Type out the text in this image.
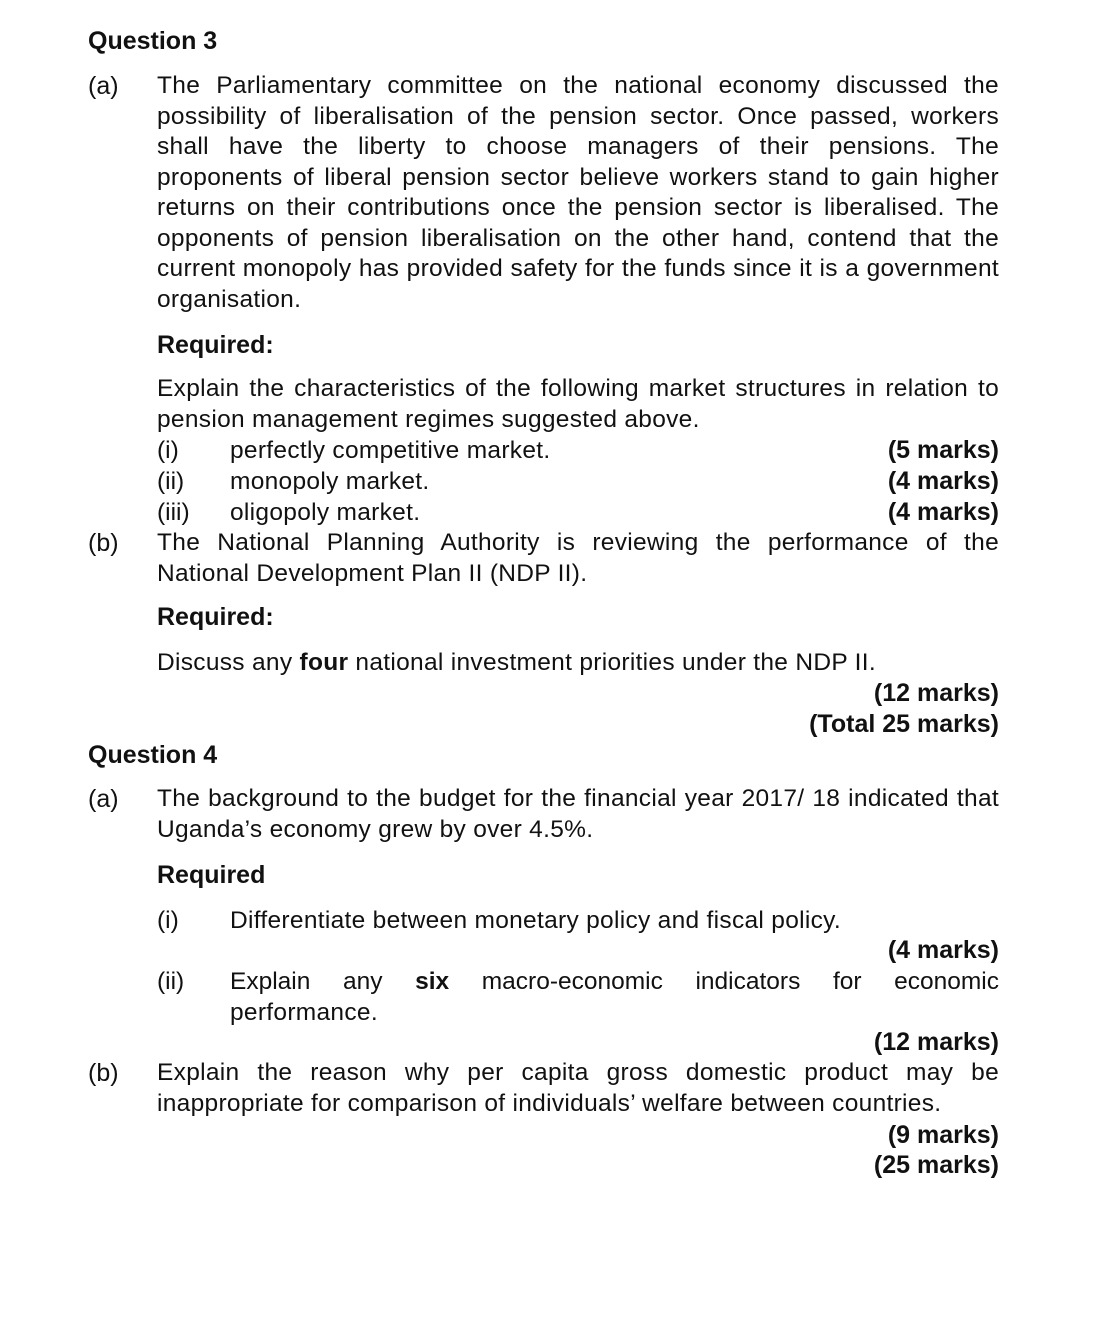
Question 3
(a) The Parliamentary committee on the national economy discussed the possibility of liberalisation of the pension sector. Once passed, workers shall have the liberty to choose managers of their pensions. The proponents of liberal pension sector believe workers stand to gain higher returns on their contributions once the pension sector is liberalised. The opponents of pension liberalisation on the other hand, contend that the current monopoly has provided safety for the funds since it is a government organisation.
Required:
Explain the characteristics of the following market structures in relation to pension management regimes suggested above.
(i) perfectly competitive market.	(5 marks)
(ii) monopoly market.	(4 marks)
(iii) oligopoly market.	(4 marks)
(b) The National Planning Authority is reviewing the performance of the National Development Plan II (NDP II).
Required:
Discuss any four national investment priorities under the NDP II.
(12 marks)
(Total 25 marks)
Question 4
(a) The background to the budget for the financial year 2017/ 18 indicated that Uganda’s economy grew by over 4.5%.
Required
(i) Differentiate between monetary policy and fiscal policy.
(4 marks)
(ii) Explain any six macro-economic indicators for economic
performance.
(12 marks)
(b) Explain the reason why per capita gross domestic product may be inappropriate for comparison of individuals’ welfare between countries.
(9 marks)
(25 marks)
